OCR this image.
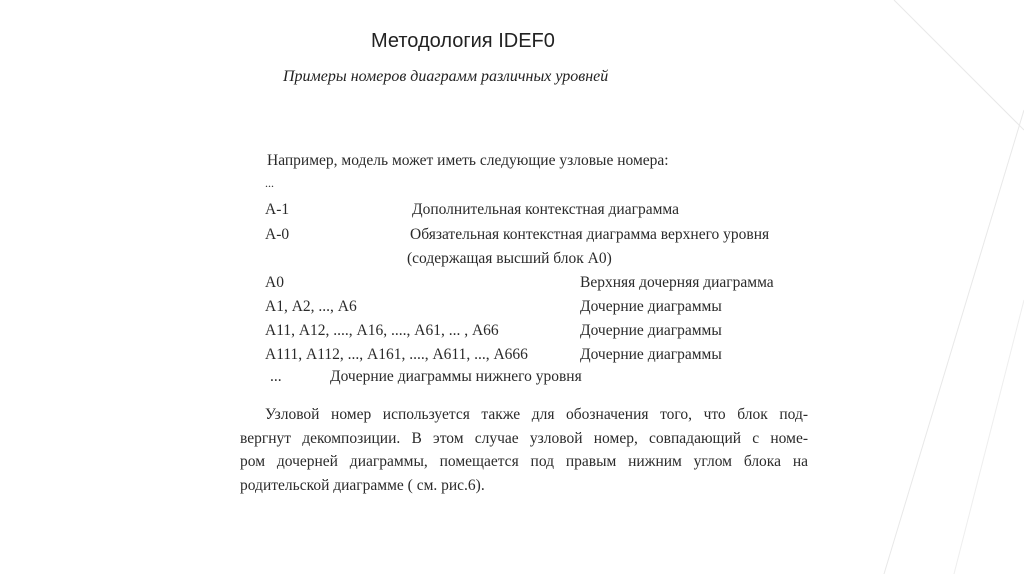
Методология IDEF0
Примеры номеров диаграмм различных уровней
Например, модель может иметь следующие узловые номера:
...
А-1	Дополнительная контекстная диаграмма
А-0	Обязательная контекстная диаграмма верхнего уровня
(содержащая высший блок А0)
А0	Верхняя дочерняя диаграмма
А1, А2, ..., А6	Дочерние диаграммы
А11, А12, ...., А16, ...., А61, ... , А66	Дочерние диаграммы
А111, А112, ..., А161, ...., А611, ..., А666	Дочерние диаграммы
...	Дочерние диаграммы нижнего уровня
Узловой номер используется также для обозначения того, что блок под-
вергнут декомпозиции. В этом случае узловой номер, совпадающий с номе-
ром дочерней диаграммы, помещается под правым нижним углом блока на
родительской диаграмме ( см. рис.6).
